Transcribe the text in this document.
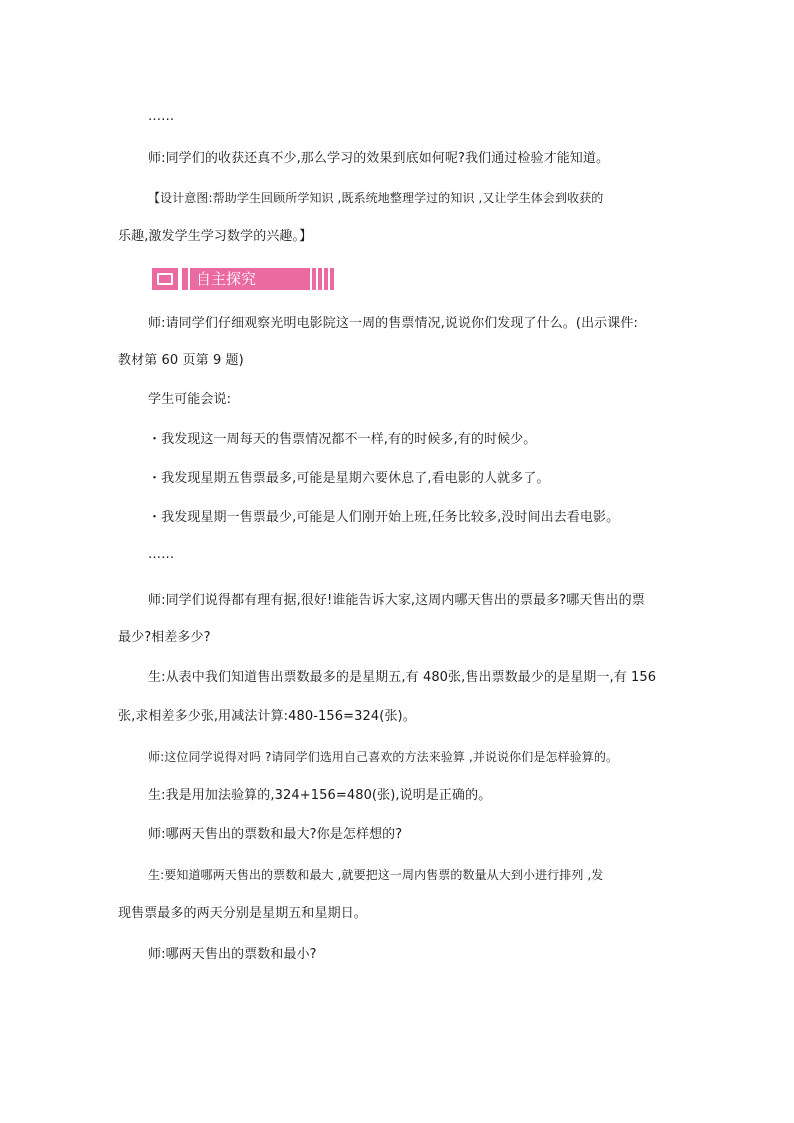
……
师:同学们的收获还真不少,那么学习的效果到底如何呢?我们通过检验才能知道。
【设计意图:帮助学生回顾所学知识 ,既系统地整理学过的知识 ,又让学生体会到收获的
乐趣,激发学生学习数学的兴趣。】
自主探究
师:请同学们仔细观察光明电影院这一周的售票情况,说说你们发现了什么。(出示课件:
教材第 60 页第 9 题)
学生可能会说:
・我发现这一周每天的售票情况都不一样,有的时候多,有的时候少。
・我发现星期五售票最多,可能是星期六要休息了,看电影的人就多了。
・我发现星期一售票最少,可能是人们刚开始上班,任务比较多,没时间出去看电影。
……
师:同学们说得都有理有据,很好!谁能告诉大家,这周内哪天售出的票最多?哪天售出的票
最少?相差多少?
生:从表中我们知道售出票数最多的是星期五,有 480张,售出票数最少的是星期一,有 156
张,求相差多少张,用减法计算:480-156=324(张)。
师:这位同学说得对吗 ?请同学们选用自己喜欢的方法来验算 ,并说说你们是怎样验算的。
生:我是用加法验算的,324+156=480(张),说明是正确的。
师:哪两天售出的票数和最大?你是怎样想的?
生:要知道哪两天售出的票数和最大 ,就要把这一周内售票的数量从大到小进行排列 ,发
现售票最多的两天分别是星期五和星期日。
师:哪两天售出的票数和最小?
